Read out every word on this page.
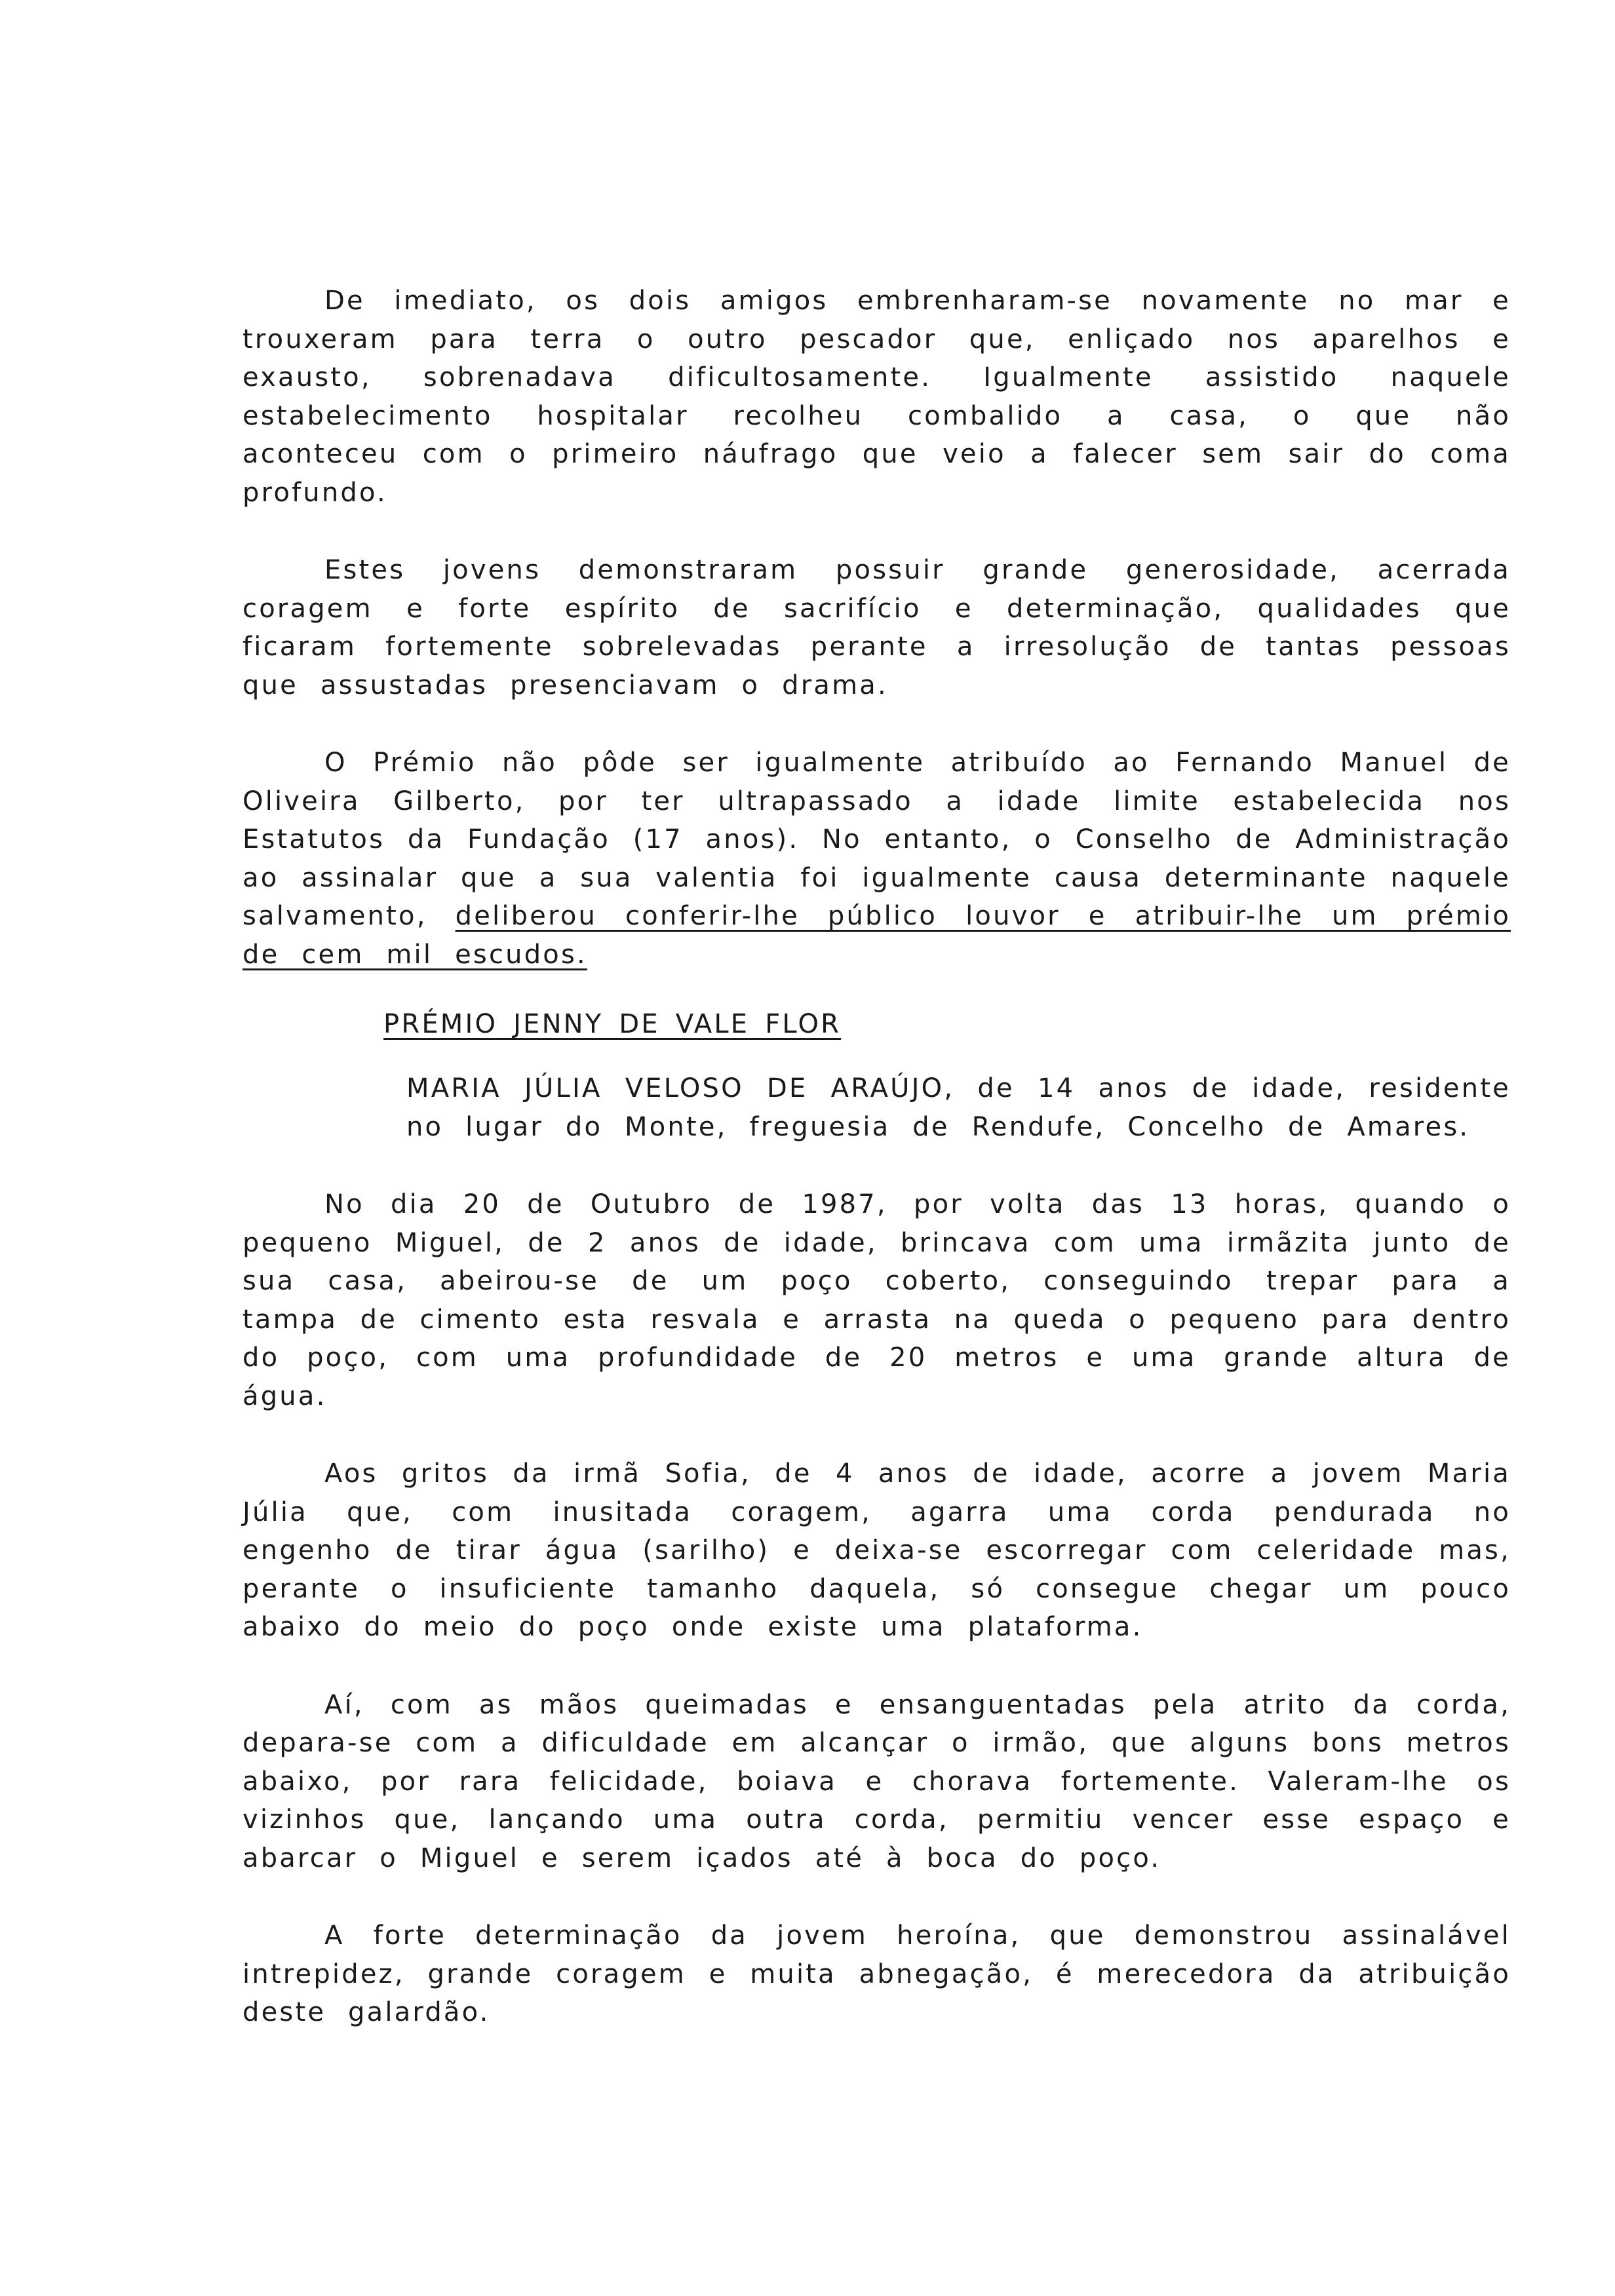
De imediato, os dois amigos embrenharam-se novamente no mar e trouxeram para terra o outro pescador que, enliçado nos aparelhos e exausto, sobrenadava dificultosamente. Igualmente assistido naquele estabelecimento hospitalar recolheu combalido a casa, o que não aconteceu com o primeiro náufrago que veio a falecer sem sair do coma profundo.

Estes jovens demonstraram possuir grande generosidade, acerrada coragem e forte espírito de sacrifício e determinação, qualidades que ficaram fortemente sobrelevadas perante a irresolução de tantas pessoas que assustadas presenciavam o drama.

O Prémio não pôde ser igualmente atribuído ao Fernando Manuel de Oliveira Gilberto, por ter ultrapassado a idade limite estabelecida nos Estatutos da Fundação (17 anos). No entanto, o Conselho de Administração ao assinalar que a sua valentia foi igualmente causa determinante naquele salvamento, deliberou conferir-lhe público louvor e atribuir-lhe um prémio de cem mil escudos.

PRÉMIO JENNY DE VALE FLOR

MARIA JÚLIA VELOSO DE ARAÚJO, de 14 anos de idade, residente no lugar do Monte, freguesia de Rendufe, Concelho de Amares.

No dia 20 de Outubro de 1987, por volta das 13 horas, quando o pequeno Miguel, de 2 anos de idade, brincava com uma irmãzita junto de sua casa, abeirou-se de um poço coberto, conseguindo trepar para a tampa de cimento esta resvala e arrasta na queda o pequeno para dentro do poço, com uma profundidade de 20 metros e uma grande altura de água.

Aos gritos da irmã Sofia, de 4 anos de idade, acorre a jovem Maria Júlia que, com inusitada coragem, agarra uma corda pendurada no engenho de tirar água (sarilho) e deixa-se escorregar com celeridade mas, perante o insuficiente tamanho daquela, só consegue chegar um pouco abaixo do meio do poço onde existe uma plataforma.

Aí, com as mãos queimadas e ensanguentadas pela atrito da corda, depara-se com a dificuldade em alcançar o irmão, que alguns bons metros abaixo, por rara felicidade, boiava e chorava fortemente. Valeram-lhe os vizinhos que, lançando uma outra corda, permitiu vencer esse espaço e abarcar o Miguel e serem içados até à boca do poço.

A forte determinação da jovem heroína, que demonstrou assinalável intrepidez, grande coragem e muita abnegação, é merecedora da atribuição deste galardão.
